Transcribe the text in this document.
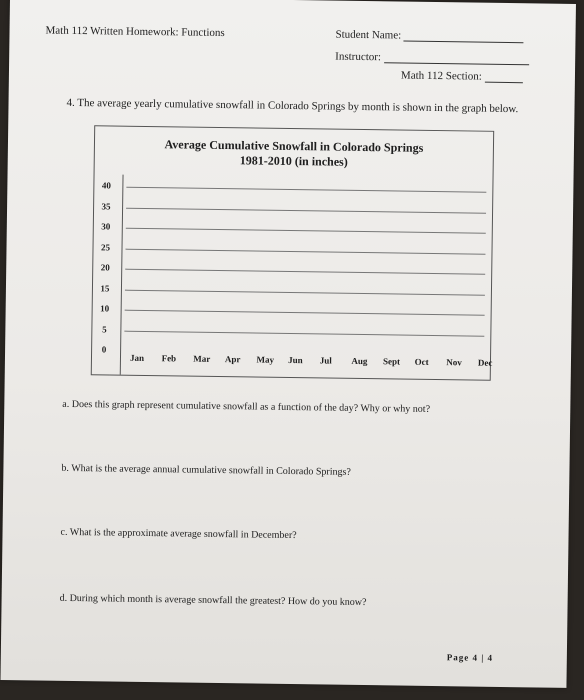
Math 112 Written Homework: Functions	Student Name:
Instructor:
Math 112 Section:
4. The average yearly cumulative snowfall in Colorado Springs by month is shown in the graph below.
Average Cumulative Snowfall in Colorado Springs
1981-2010 (in inches)
40
35
30
25
20
15
10
5
0
Jan Feb Mar Apr May Jun Jul Aug Sept Oct Nov Dec
a. Does this graph represent cumulative snowfall as a function of the day? Why or why not?
b. What is the average annual cumulative snowfall in Colorado Springs?
c. What is the approximate average snowfall in December?
d. During which month is average snowfall the greatest? How do you know?
Page 4 | 4
